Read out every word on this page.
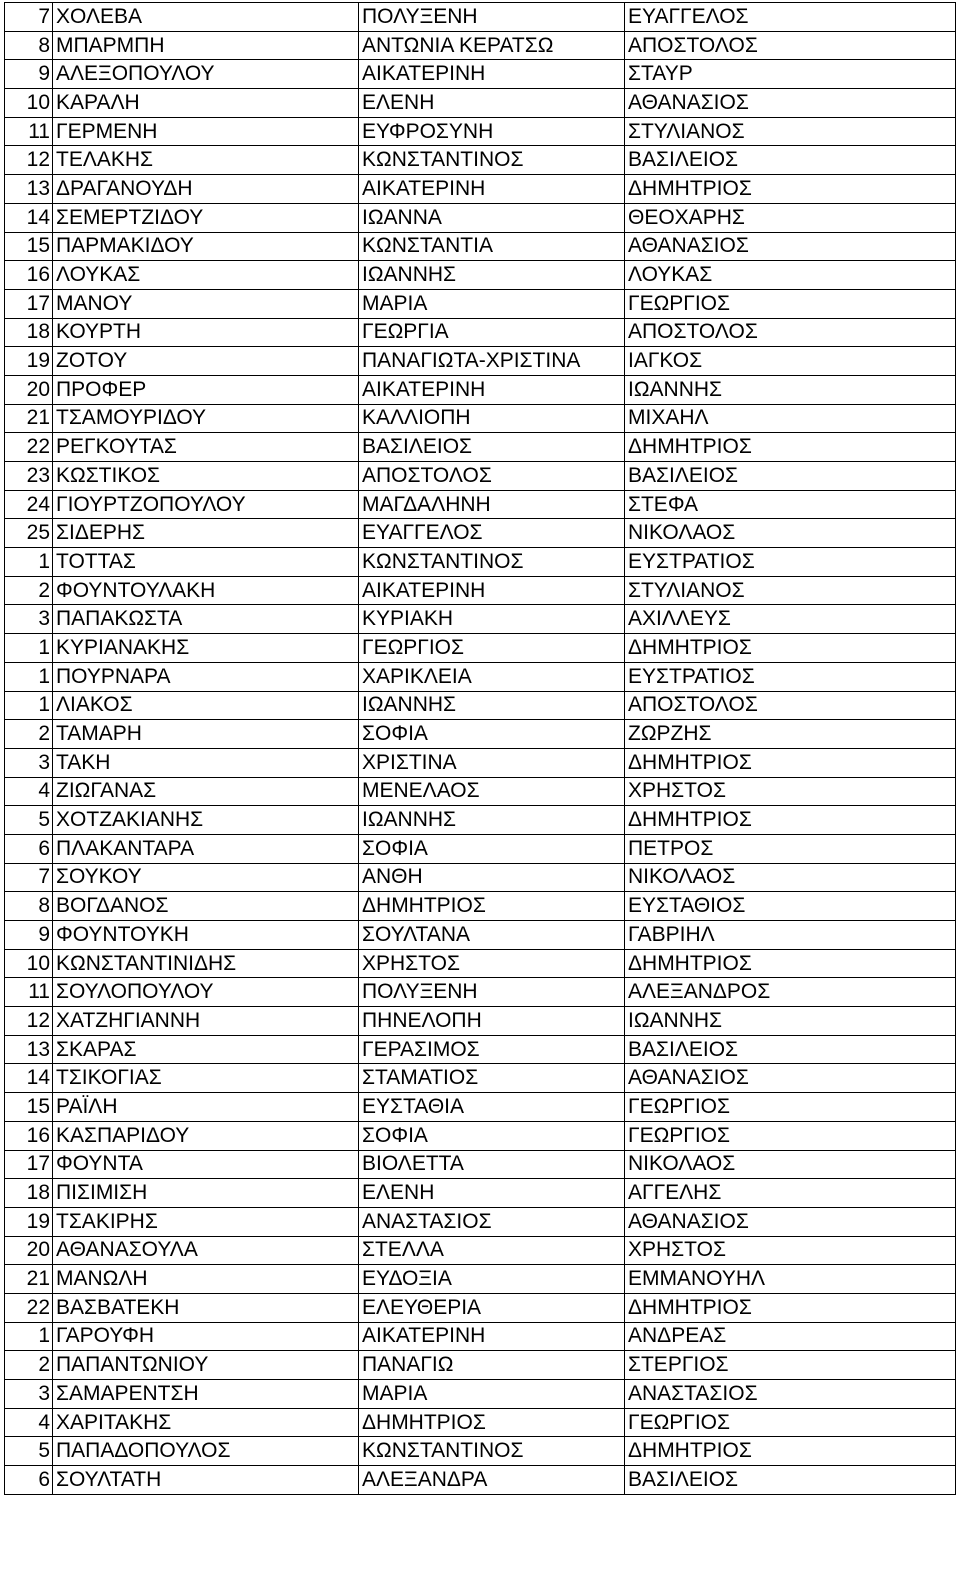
7	ΧΟΛΕΒΑ	ΠΟΛΥΞΕΝΗ	ΕΥΑΓΓΕΛΟΣ
8	ΜΠΑΡΜΠΗ	ΑΝΤΩΝΙΑ ΚΕΡΑΤΣΩ	ΑΠΟΣΤΟΛΟΣ
9	ΑΛΕΞΟΠΟΥΛΟΥ	ΑΙΚΑΤΕΡΙΝΗ	ΣΤΑΥΡ
10	ΚΑΡΑΛΗ	ΕΛΕΝΗ	ΑΘΑΝΑΣΙΟΣ
11	ΓΕΡΜΕΝΗ	ΕΥΦΡΟΣΥΝΗ	ΣΤΥΛΙΑΝΟΣ
12	ΤΕΛΑΚΗΣ	ΚΩΝΣΤΑΝΤΙΝΟΣ	ΒΑΣΙΛΕΙΟΣ
13	ΔΡΑΓΑΝΟΥΔΗ	ΑΙΚΑΤΕΡΙΝΗ	ΔΗΜΗΤΡΙΟΣ
14	ΣΕΜΕΡΤΖΙΔΟΥ	ΙΩΑΝΝΑ	ΘΕΟΧΑΡΗΣ
15	ΠΑΡΜΑΚΙΔΟΥ	ΚΩΝΣΤΑΝΤΙΑ	ΑΘΑΝΑΣΙΟΣ
16	ΛΟΥΚΑΣ	ΙΩΑΝΝΗΣ	ΛΟΥΚΑΣ
17	ΜΑΝΟΥ	ΜΑΡΙΑ	ΓΕΩΡΓΙΟΣ
18	ΚΟΥΡΤΗ	ΓΕΩΡΓΙΑ	ΑΠΟΣΤΟΛΟΣ
19	ΖΟΤΟΥ	ΠΑΝΑΓΙΩΤΑ-ΧΡΙΣΤΙΝΑ	ΙΑΓΚΟΣ
20	ΠΡΟΦΕΡ	ΑΙΚΑΤΕΡΙΝΗ	ΙΩΑΝΝΗΣ
21	ΤΣΑΜΟΥΡΙΔΟΥ	ΚΑΛΛΙΟΠΗ	ΜΙΧΑΗΛ
22	ΡΕΓΚΟΥΤΑΣ	ΒΑΣΙΛΕΙΟΣ	ΔΗΜΗΤΡΙΟΣ
23	ΚΩΣΤΙΚΟΣ	ΑΠΟΣΤΟΛΟΣ	ΒΑΣΙΛΕΙΟΣ
24	ΓΙΟΥΡΤΖΟΠΟΥΛΟΥ	ΜΑΓΔΑΛΗΝΗ	ΣΤΕΦΑ
25	ΣΙΔΕΡΗΣ	ΕΥΑΓΓΕΛΟΣ	ΝΙΚΟΛΑΟΣ
1	ΤΟΤΤΑΣ	ΚΩΝΣΤΑΝΤΙΝΟΣ	ΕΥΣΤΡΑΤΙΟΣ
2	ΦΟΥΝΤΟΥΛΑΚΗ	ΑΙΚΑΤΕΡΙΝΗ	ΣΤΥΛΙΑΝΟΣ
3	ΠΑΠΑΚΩΣΤΑ	ΚΥΡΙΑΚΗ	ΑΧΙΛΛΕΥΣ
1	ΚΥΡΙΑΝΑΚΗΣ	ΓΕΩΡΓΙΟΣ	ΔΗΜΗΤΡΙΟΣ
1	ΠΟΥΡΝΑΡΑ	ΧΑΡΙΚΛΕΙΑ	ΕΥΣΤΡΑΤΙΟΣ
1	ΛΙΑΚΟΣ	ΙΩΑΝΝΗΣ	ΑΠΟΣΤΟΛΟΣ
2	ΤΑΜΑΡΗ	ΣΟΦΙΑ	ΖΩΡΖΗΣ
3	ΤΑΚΗ	ΧΡΙΣΤΙΝΑ	ΔΗΜΗΤΡΙΟΣ
4	ΖΙΩΓΑΝΑΣ	ΜΕΝΕΛΑΟΣ	ΧΡΗΣΤΟΣ
5	ΧΟΤΖΑΚΙΑΝΗΣ	ΙΩΑΝΝΗΣ	ΔΗΜΗΤΡΙΟΣ
6	ΠΛΑΚΑΝΤΑΡΑ	ΣΟΦΙΑ	ΠΕΤΡΟΣ
7	ΣΟΥΚΟΥ	ΑΝΘΗ	ΝΙΚΟΛΑΟΣ
8	ΒΟΓΔΑΝΟΣ	ΔΗΜΗΤΡΙΟΣ	ΕΥΣΤΑΘΙΟΣ
9	ΦΟΥΝΤΟΥΚΗ	ΣΟΥΛΤΑΝΑ	ΓΑΒΡΙΗΛ
10	ΚΩΝΣΤΑΝΤΙΝΙΔΗΣ	ΧΡΗΣΤΟΣ	ΔΗΜΗΤΡΙΟΣ
11	ΣΟΥΛΟΠΟΥΛΟΥ	ΠΟΛΥΞΕΝΗ	ΑΛΕΞΑΝΔΡΟΣ
12	ΧΑΤΖΗΓΙΑΝΝΗ	ΠΗΝΕΛΟΠΗ	ΙΩΑΝΝΗΣ
13	ΣΚΑΡΑΣ	ΓΕΡΑΣΙΜΟΣ	ΒΑΣΙΛΕΙΟΣ
14	ΤΣΙΚΟΓΙΑΣ	ΣΤΑΜΑΤΙΟΣ	ΑΘΑΝΑΣΙΟΣ
15	ΡΑΪΛΗ	ΕΥΣΤΑΘΙΑ	ΓΕΩΡΓΙΟΣ
16	ΚΑΣΠΑΡΙΔΟΥ	ΣΟΦΙΑ	ΓΕΩΡΓΙΟΣ
17	ΦΟΥΝΤΑ	ΒΙΟΛΕΤΤΑ	ΝΙΚΟΛΑΟΣ
18	ΠΙΣΙΜΙΣΗ	ΕΛΕΝΗ	ΑΓΓΕΛΗΣ
19	ΤΣΑΚΙΡΗΣ	ΑΝΑΣΤΑΣΙΟΣ	ΑΘΑΝΑΣΙΟΣ
20	ΑΘΑΝΑΣΟΥΛΑ	ΣΤΕΛΛΑ	ΧΡΗΣΤΟΣ
21	ΜΑΝΩΛΗ	ΕΥΔΟΞΙΑ	ΕΜΜΑΝΟΥΗΛ
22	ΒΑΣΒΑΤΕΚΗ	ΕΛΕΥΘΕΡΙΑ	ΔΗΜΗΤΡΙΟΣ
1	ΓΑΡΟΥΦΗ	ΑΙΚΑΤΕΡΙΝΗ	ΑΝΔΡΕΑΣ
2	ΠΑΠΑΝΤΩΝΙΟΥ	ΠΑΝΑΓΙΩ	ΣΤΕΡΓΙΟΣ
3	ΣΑΜΑΡΕΝΤΣΗ	ΜΑΡΙΑ	ΑΝΑΣΤΑΣΙΟΣ
4	ΧΑΡΙΤΑΚΗΣ	ΔΗΜΗΤΡΙΟΣ	ΓΕΩΡΓΙΟΣ
5	ΠΑΠΑΔΟΠΟΥΛΟΣ	ΚΩΝΣΤΑΝΤΙΝΟΣ	ΔΗΜΗΤΡΙΟΣ
6	ΣΟΥΛΤΑΤΗ	ΑΛΕΞΑΝΔΡΑ	ΒΑΣΙΛΕΙΟΣ
